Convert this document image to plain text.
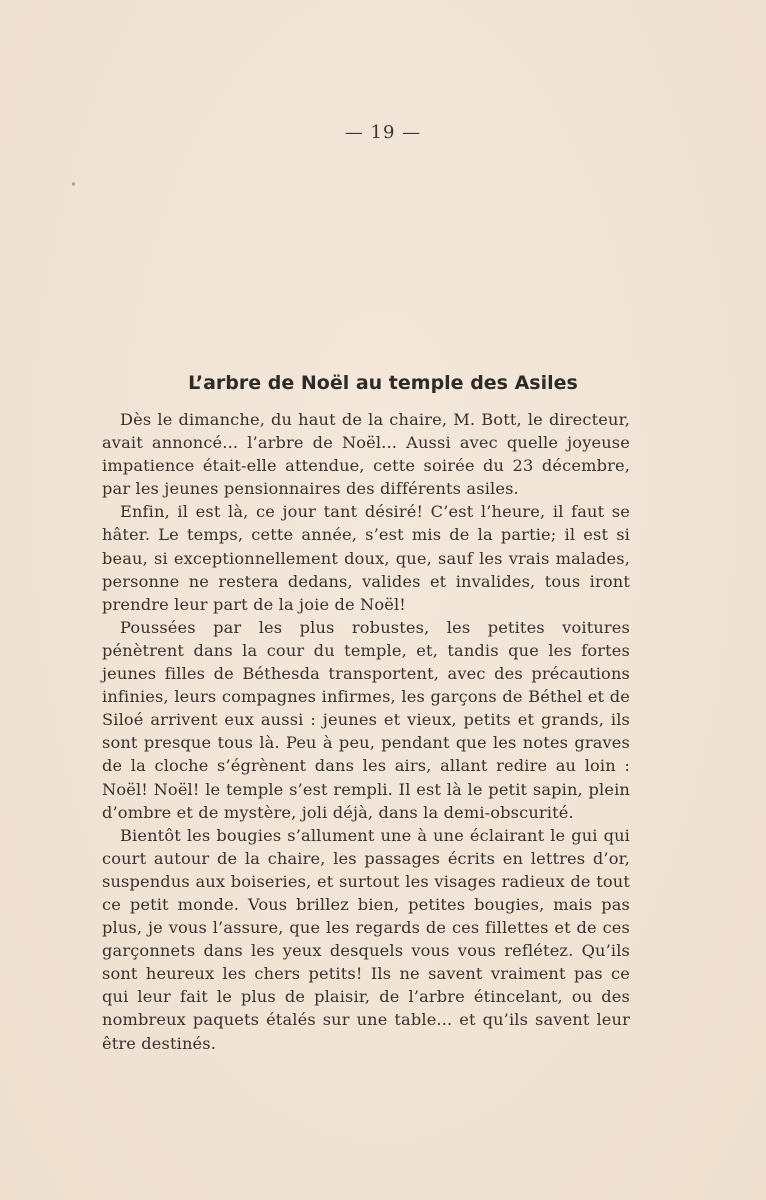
— 19 —
L’arbre de Noël au temple des Asiles

Dès le dimanche, du haut de la chaire, M. Bott, le directeur, avait annoncé... l’arbre de Noël... Aussi avec quelle joyeuse impatience était-elle attendue, cette soirée du 23 décembre, par les jeunes pensionnaires des différents asiles.

Enfin, il est là, ce jour tant désiré! C’est l’heure, il faut se hâter. Le temps, cette année, s’est mis de la partie; il est si beau, si exceptionnellement doux, que, sauf les vrais malades, personne ne restera dedans, valides et invalides, tous iront prendre leur part de la joie de Noël!

Poussées par les plus robustes, les petites voitures pénètrent dans la cour du temple, et, tandis que les fortes jeunes filles de Béthesda transportent, avec des précautions infinies, leurs compagnes infirmes, les garçons de Béthel et de Siloé arrivent eux aussi : jeunes et vieux, petits et grands, ils sont presque tous là. Peu à peu, pendant que les notes graves de la cloche s’égrènent dans les airs, allant redire au loin : Noël! Noël! le temple s’est rempli. Il est là le petit sapin, plein d’ombre et de mystère, joli déjà, dans la demi-obscurité.

Bientôt les bougies s’allument une à une éclairant le gui qui court autour de la chaire, les passages écrits en lettres d’or, suspendus aux boiseries, et surtout les visages radieux de tout ce petit monde. Vous brillez bien, petites bougies, mais pas plus, je vous l’assure, que les regards de ces fillettes et de ces garçonnets dans les yeux desquels vous vous reflétez. Qu’ils sont heureux les chers petits! Ils ne savent vraiment pas ce qui leur fait le plus de plaisir, de l’arbre étincelant, ou des nombreux paquets étalés sur une table... et qu’ils savent leur être destinés.
